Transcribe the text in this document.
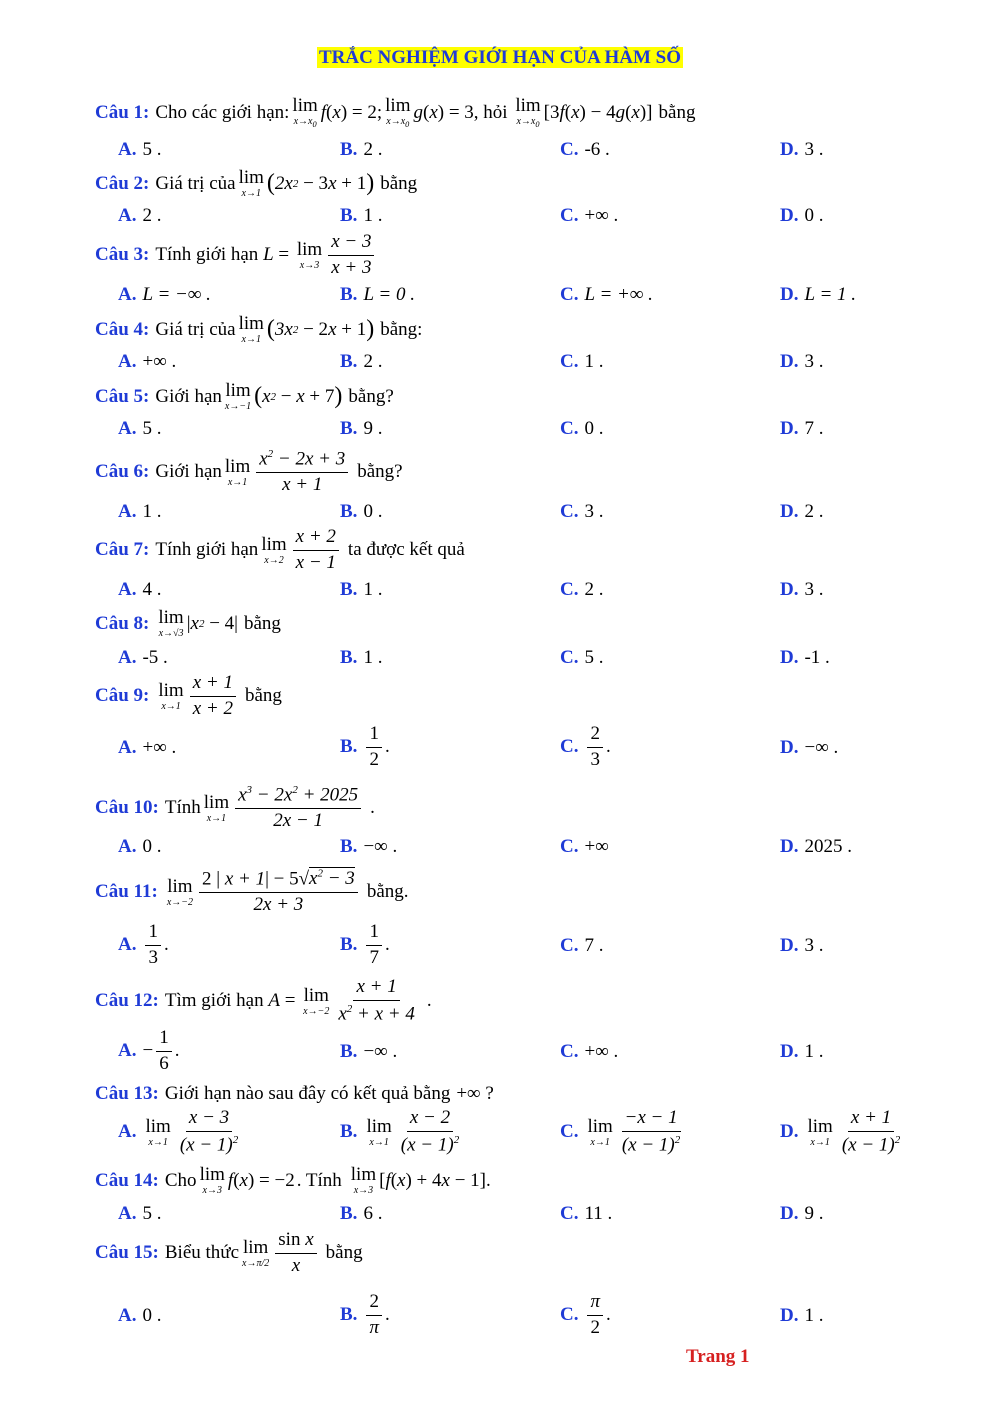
TRẮC NGHIỆM GIỚI HẠN CỦA HÀM SỐ
Câu 1: Cho các giới hạn: lim
$x\to x_0$
f ( x ) = 2; lim
$x\to x_0$
g ( x ) = 3 , hỏi lim
$x\to x_0$
[3 f ( x ) − 4 g ( x )] bằng
A. 5 .	B. 2 .	C. -6 .	D. 3 .
Câu 2: Giá trị của lim
x→1 ( 2x 2 − 3 x + 1 ) bằng
A. 2 .	B. 1 .	C. +∞ .	D. 0 .
Câu 3: Tính giới hạn L = lim
$x\to 3 \frac{x - 3}{x + 3}$
A. L = −∞ .	B. L = 0 .	C. L = +∞ .	D. L = 1 .
Câu 4: Giá trị của lim
x→1 ( 3x 2 − 2 x + 1 ) bằng:
A. +∞ .	B. 2 .	C. 1 .	D. 3 .
Câu 5: Giới hạn lim
x→−1 ( x 2 − x + 7 ) bằng?
A. 5 .	B. 9 .	C. 0 .	D. 7 .
Câu 6: Giới hạn lim
$x\to 1 \frac{x^2 - 2x + 3}{x + 1}$ bằng?
A. 1 .	B. 0 .	C. 3 .	D. 2 .
Câu 7: Tính giới hạn lim
$x\to 2 \frac{x + 2}{x - 1}$ ta được kết quả
A. 4 .	B. 1 .	C. 2 .	D. 3 .
Câu 8: lim
x→√3 | x 2 − 4| bằng
A. -5 .	B. 1 .	C. 5 .	D. -1 .
Câu 9: lim
$x\to 1 \frac{x + 1}{x + 2}$ bằng
A. +∞ .	B. $\frac{1}{2}$ .	C. $\frac{2}{3}$ .	D. −∞ .
Câu 10: Tính lim
$x\to 1 \frac{x^3 - 2x^2 + 2025}{2x - 1}$ .
A. 0 .	B. −∞ .	C. +∞	D. 2025 .
Câu 11: lim
$x\to-2 \frac{2 | x + 1| - 5√x^2 - 3}{2x + 3}$ bằng.
A. $\frac{1}{3}$ .	B. $\frac{1}{7}$ .	C. 7 .	D. 3 .
Câu 12: Tìm giới hạn A = lim
$x\to-2 \frac{x + 1}{x^2 + x + 4}$ .
A. − $\frac{1}{6}$ .	B. −∞ .	C. +∞ .	D. 1 .
Câu 13: Giới hạn nào sau đây có kết quả bằng +∞ ?
A. lim
$x\to 1 \frac{x - 3}{(x - 1)^2}$	B. lim
$x\to 1 \frac{x - 2}{(x - 1)^2}$	C. lim
$x\to 1 \frac{-x - 1}{(x - 1)^2}$	D. lim
$x\to 1 \frac{x + 1}{(x - 1)^2}$
Câu 14: Cho lim
x→3 f ( x ) = −2 . Tính lim
x→3 [ f ( x ) + 4 x − 1].
A. 5 .	B. 6 .	C. 11 .	D. 9 .
Câu 15: Biểu thức lim
$x\to\pi/2 \frac{\text{sin x}}{x}$ bằng
A. 0 .	B. $\frac{2}{\pi}$ .	C. $\frac{\pi}{2}$ .	D. 1 .
Trang 1
